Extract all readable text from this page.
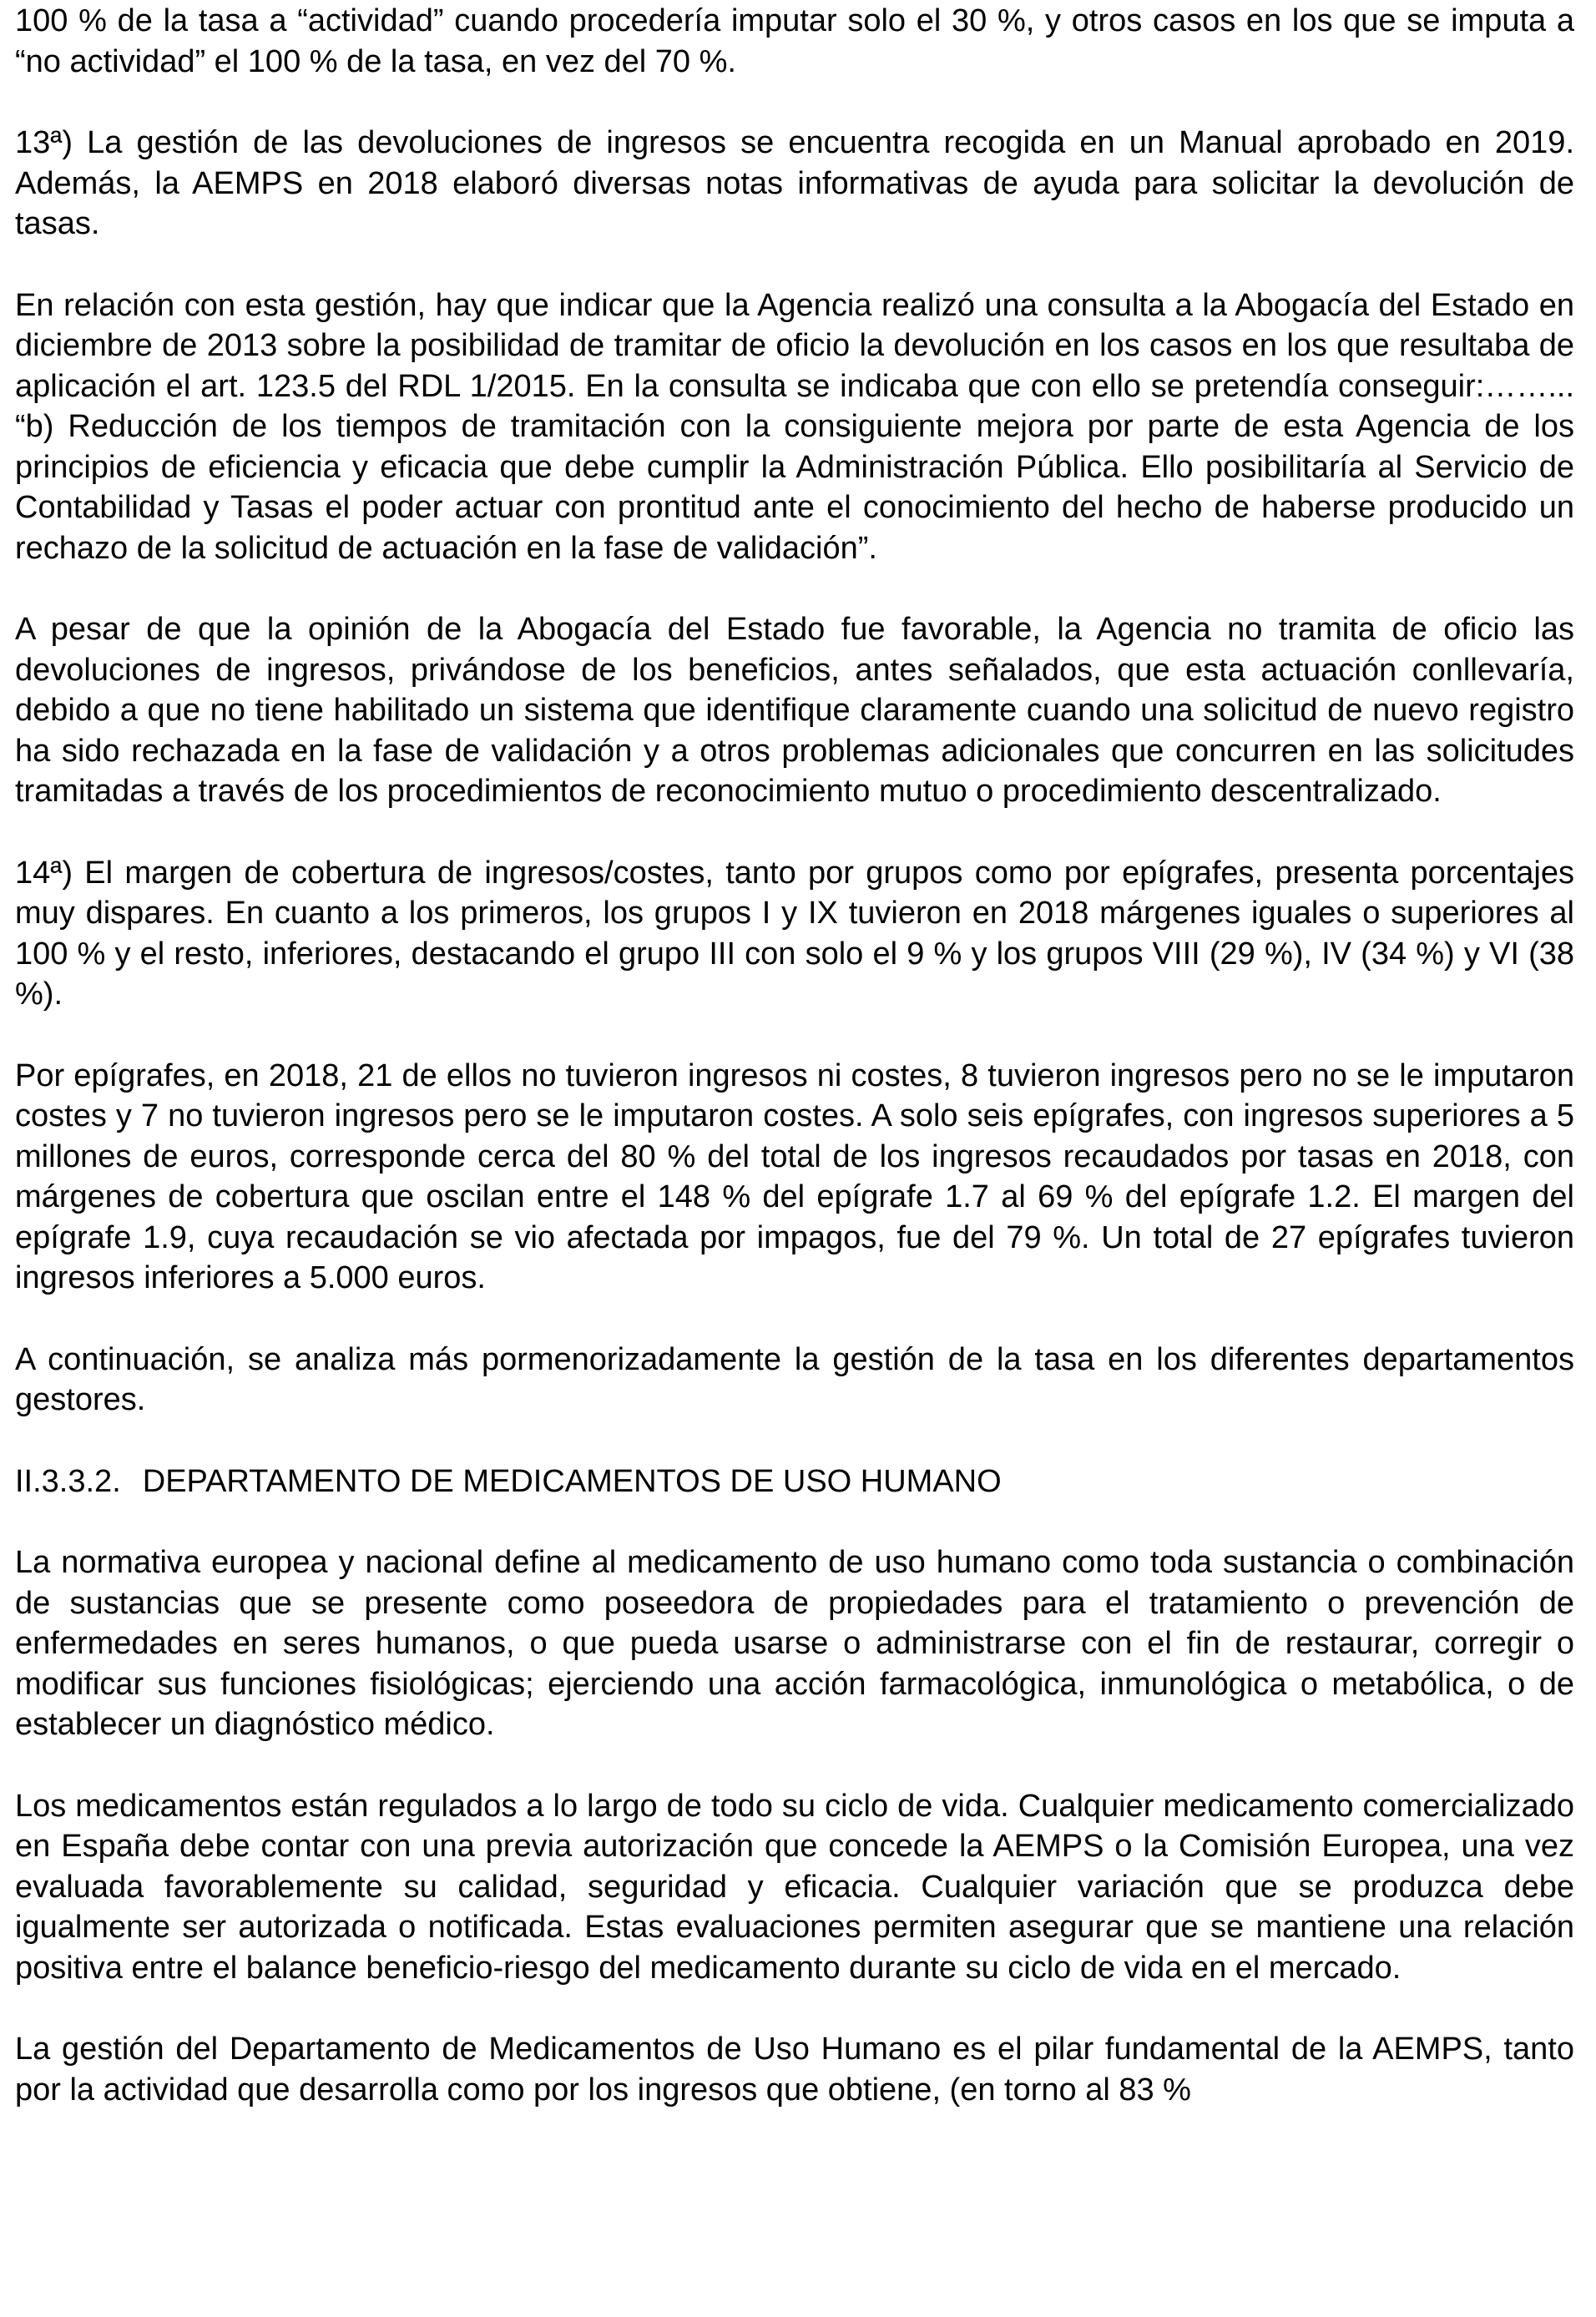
100 % de la tasa a “actividad” cuando procedería imputar solo el 30 %, y otros casos en los que se imputa a “no actividad” el 100 % de la tasa, en vez del 70 %.

13ª) La gestión de las devoluciones de ingresos se encuentra recogida en un Manual aprobado en 2019. Además, la AEMPS en 2018 elaboró diversas notas informativas de ayuda para solicitar la devolución de tasas.

En relación con esta gestión, hay que indicar que la Agencia realizó una consulta a la Abogacía del Estado en diciembre de 2013 sobre la posibilidad de tramitar de oficio la devolución en los casos en los que resultaba de aplicación el art. 123.5 del RDL 1/2015. En la consulta se indicaba que con ello se pretendía conseguir:……... “b) Reducción de los tiempos de tramitación con la consiguiente mejora por parte de esta Agencia de los principios de eficiencia y eficacia que debe cumplir la Administración Pública. Ello posibilitaría al Servicio de Contabilidad y Tasas el poder actuar con prontitud ante el conocimiento del hecho de haberse producido un rechazo de la solicitud de actuación en la fase de validación”.

A pesar de que la opinión de la Abogacía del Estado fue favorable, la Agencia no tramita de oficio las devoluciones de ingresos, privándose de los beneficios, antes señalados, que esta actuación conllevaría, debido a que no tiene habilitado un sistema que identifique claramente cuando una solicitud de nuevo registro ha sido rechazada en la fase de validación y a otros problemas adicionales que concurren en las solicitudes tramitadas a través de los procedimientos de reconocimiento mutuo o procedimiento descentralizado.

14ª) El margen de cobertura de ingresos/costes, tanto por grupos como por epígrafes, presenta porcentajes muy dispares. En cuanto a los primeros, los grupos I y IX tuvieron en 2018 márgenes iguales o superiores al 100 % y el resto, inferiores, destacando el grupo III con solo el 9 % y los grupos VIII (29 %), IV (34 %) y VI (38 %).

Por epígrafes, en 2018, 21 de ellos no tuvieron ingresos ni costes, 8 tuvieron ingresos pero no se le imputaron costes y 7 no tuvieron ingresos pero se le imputaron costes. A solo seis epígrafes, con ingresos superiores a 5 millones de euros, corresponde cerca del 80 % del total de los ingresos recaudados por tasas en 2018, con márgenes de cobertura que oscilan entre el 148 % del epígrafe 1.7 al 69 % del epígrafe 1.2. El margen del epígrafe 1.9, cuya recaudación se vio afectada por impagos, fue del 79 %. Un total de 27 epígrafes tuvieron ingresos inferiores a 5.000 euros.

A continuación, se analiza más pormenorizadamente la gestión de la tasa en los diferentes departamentos gestores.

II.3.3.2. DEPARTAMENTO DE MEDICAMENTOS DE USO HUMANO

La normativa europea y nacional define al medicamento de uso humano como toda sustancia o combinación de sustancias que se presente como poseedora de propiedades para el tratamiento o prevención de enfermedades en seres humanos, o que pueda usarse o administrarse con el fin de restaurar, corregir o modificar sus funciones fisiológicas; ejerciendo una acción farmacológica, inmunológica o metabólica, o de establecer un diagnóstico médico.

Los medicamentos están regulados a lo largo de todo su ciclo de vida. Cualquier medicamento comercializado en España debe contar con una previa autorización que concede la AEMPS o la Comisión Europea, una vez evaluada favorablemente su calidad, seguridad y eficacia. Cualquier variación que se produzca debe igualmente ser autorizada o notificada. Estas evaluaciones permiten asegurar que se mantiene una relación positiva entre el balance beneficio-riesgo del medicamento durante su ciclo de vida en el mercado.

La gestión del Departamento de Medicamentos de Uso Humano es el pilar fundamental de la AEMPS, tanto por la actividad que desarrolla como por los ingresos que obtiene, (en torno al 83 %
